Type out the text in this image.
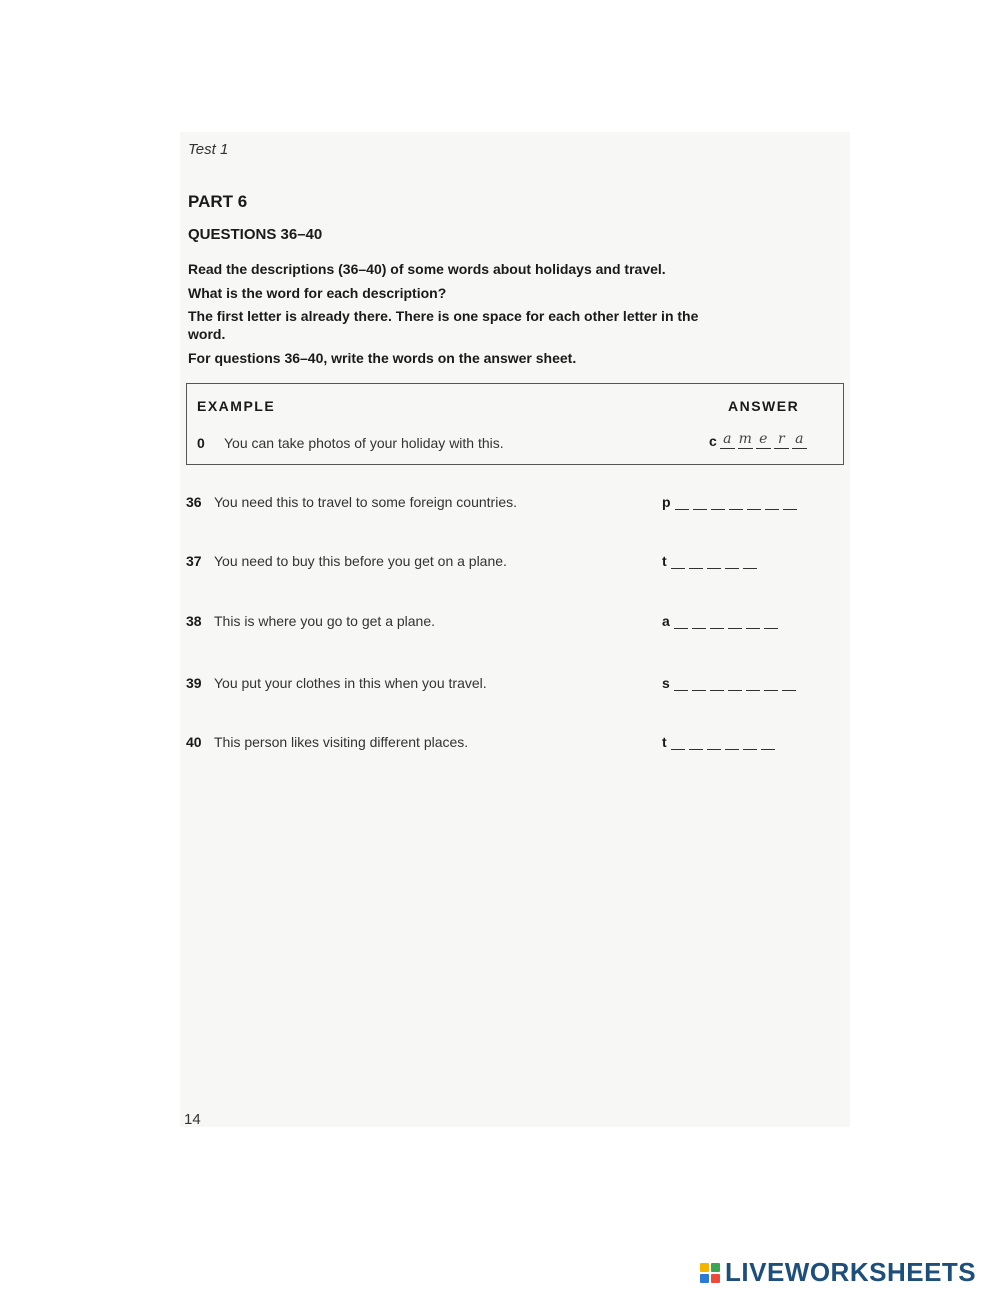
Test 1
PART 6
QUESTIONS 36–40
Read the descriptions (36–40) of some words about holidays and travel.
What is the word for each description?
The first letter is already there. There is one space for each other letter in the word.
For questions 36–40, write the words on the answer sheet.
EXAMPLE	ANSWER
0 You can take photos of your holiday with this.	c a m e r a
36 You need this to travel to some foreign countries.	p
37 You need to buy this before you get on a plane.	t
38 This is where you go to get a plane.	a
39 You put your clothes in this when you travel.	s
40 This person likes visiting different places.	t
14
LIVEWORKSHEETS
